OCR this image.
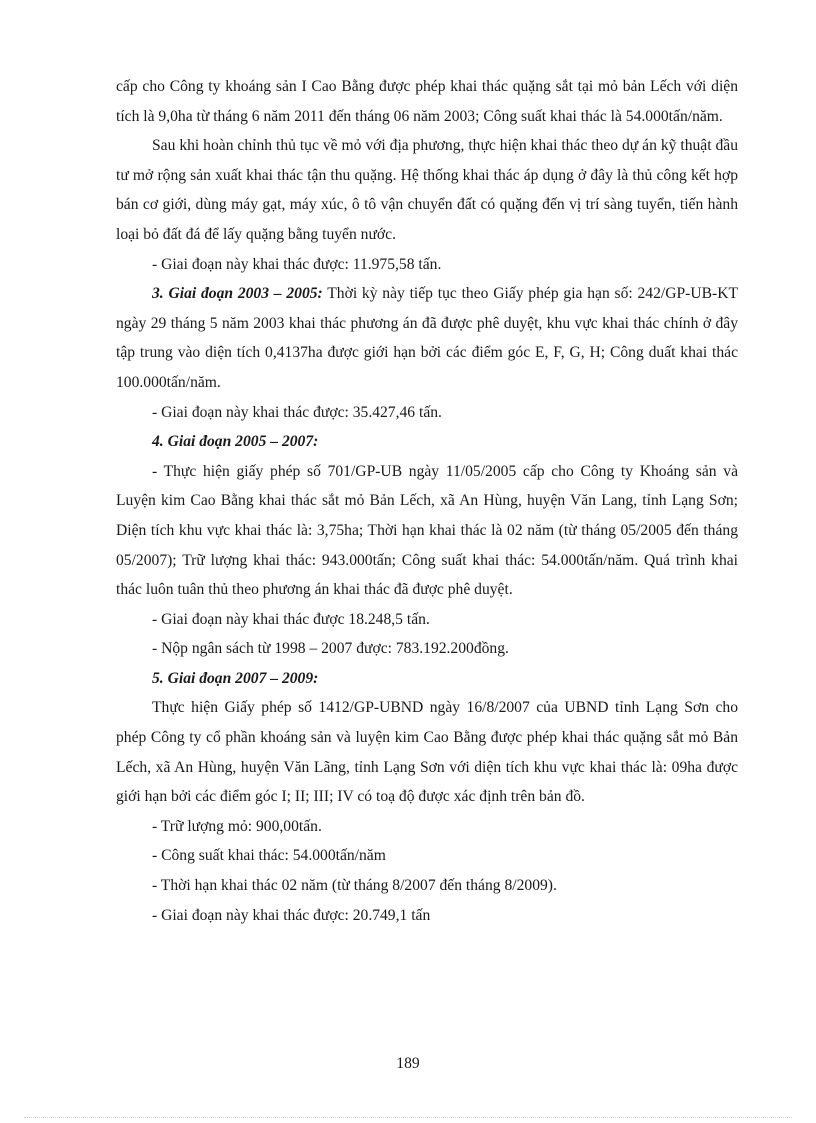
cấp cho Công ty khoáng sản I Cao Bằng được phép khai thác quặng sắt tại mỏ bản Lếch với diện tích là 9,0ha từ tháng 6 năm 2011 đến tháng 06 năm 2003; Công suất khai thác là 54.000tấn/năm.

Sau khi hoàn chỉnh thủ tục về mỏ với địa phương, thực hiện khai thác theo dự án kỹ thuật đầu tư mở rộng sản xuất khai thác tận thu quặng. Hệ thống khai thác áp dụng ở đây là thủ công kết hợp bán cơ giới, dùng máy gạt, máy xúc, ô tô vận chuyển đất có quặng đến vị trí sàng tuyển, tiến hành loại bỏ đất đá để lấy quặng bằng tuyển nước.

- Giai đoạn này khai thác được: 11.975,58 tấn.

3. Giai đoạn 2003 – 2005: Thời kỳ này tiếp tục theo Giấy phép gia hạn số: 242/GP-UB-KT ngày 29 tháng 5 năm 2003 khai thác phương án đã được phê duyệt, khu vực khai thác chính ở đây tập trung vào diện tích 0,4137ha được giới hạn bởi các điểm góc E, F, G, H; Công duất khai thác 100.000tấn/năm.

- Giai đoạn này khai thác được: 35.427,46 tấn.

4. Giai đoạn 2005 – 2007:

- Thực hiện giấy phép số 701/GP-UB ngày 11/05/2005 cấp cho Công ty Khoáng sản và Luyện kim Cao Bằng khai thác sắt mỏ Bản Lếch, xã An Hùng, huyện Văn Lang, tỉnh Lạng Sơn; Diện tích khu vực khai thác là: 3,75ha; Thời hạn khai thác là 02 năm (từ tháng 05/2005 đến tháng 05/2007); Trữ lượng khai thác: 943.000tấn; Công suất khai thác: 54.000tấn/năm. Quá trình khai thác luôn tuân thủ theo phương án khai thác đã được phê duyệt.

- Giai đoạn này khai thác được 18.248,5 tấn.

- Nộp ngân sách từ 1998 – 2007 được: 783.192.200đồng.

5. Giai đoạn 2007 – 2009:

Thực hiện Giấy phép số 1412/GP-UBND ngày 16/8/2007 của UBND tỉnh Lạng Sơn cho phép Công ty cổ phần khoáng sản và luyện kim Cao Bằng được phép khai thác quặng sắt mỏ Bản Lếch, xã An Hùng, huyện Văn Lãng, tỉnh Lạng Sơn với diện tích khu vực khai thác là: 09ha được giới hạn bởi các điểm góc I; II; III; IV có toạ độ được xác định trên bản đồ.

- Trữ lượng mỏ: 900,00tấn.

- Công suất khai thác: 54.000tấn/năm

- Thời hạn khai thác 02 năm (từ tháng 8/2007 đến tháng 8/2009).

- Giai đoạn này khai thác được: 20.749,1 tấn

189
